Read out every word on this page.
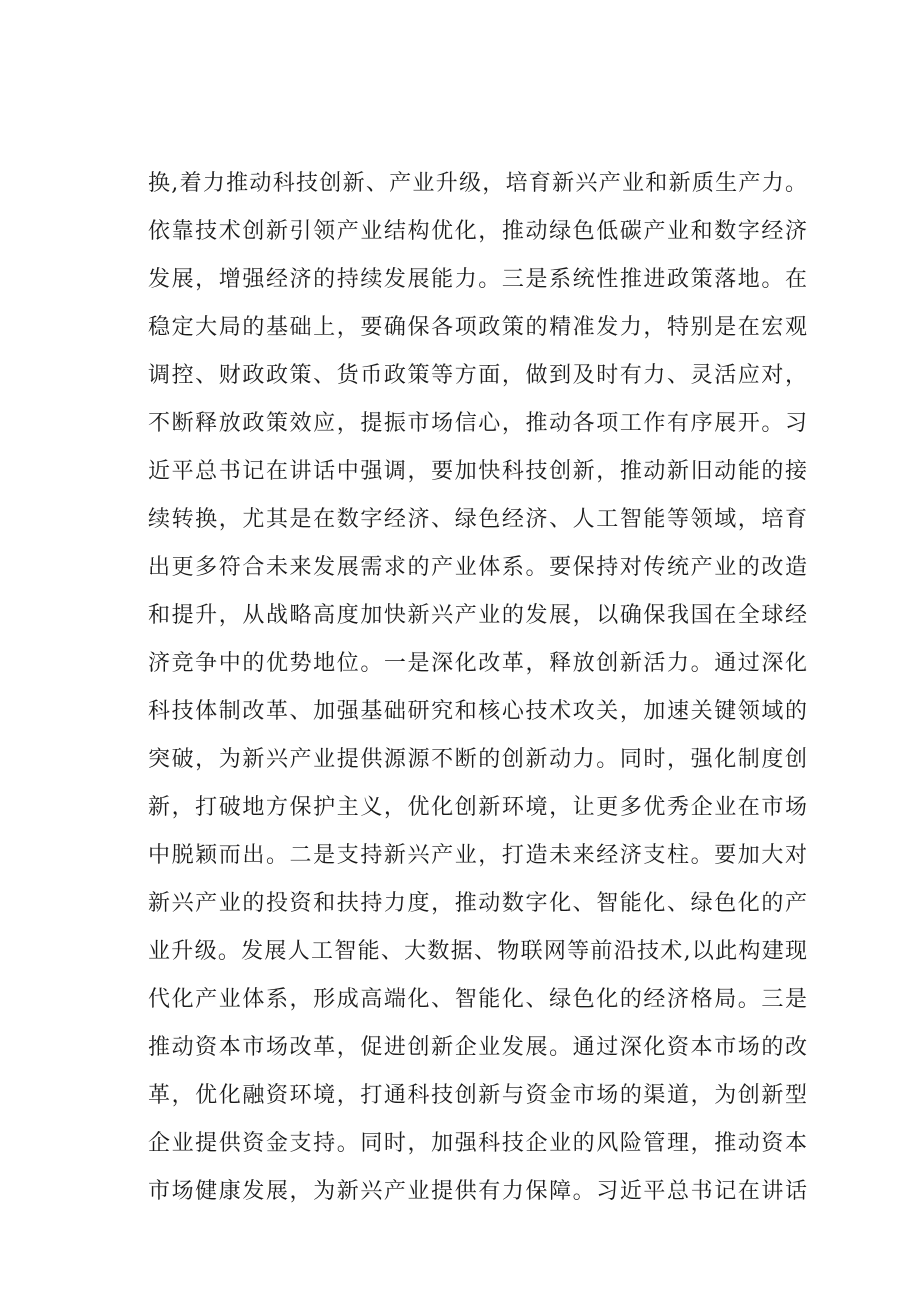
换,着力推动科技创新、产业升级，培育新兴产业和新质生产力。
依靠技术创新引领产业结构优化，推动绿色低碳产业和数字经济
发展，增强经济的持续发展能力。三是系统性推进政策落地。在
稳定大局的基础上，要确保各项政策的精准发力，特别是在宏观
调控、财政政策、货币政策等方面，做到及时有力、灵活应对，
不断释放政策效应，提振市场信心，推动各项工作有序展开。习
近平总书记在讲话中强调，要加快科技创新，推动新旧动能的接
续转换，尤其是在数字经济、绿色经济、人工智能等领域，培育
出更多符合未来发展需求的产业体系。要保持对传统产业的改造
和提升，从战略高度加快新兴产业的发展，以确保我国在全球经
济竞争中的优势地位。一是深化改革，释放创新活力。通过深化
科技体制改革、加强基础研究和核心技术攻关，加速关键领域的
突破，为新兴产业提供源源不断的创新动力。同时，强化制度创
新，打破地方保护主义，优化创新环境，让更多优秀企业在市场
中脱颖而出。二是支持新兴产业，打造未来经济支柱。要加大对
新兴产业的投资和扶持力度，推动数字化、智能化、绿色化的产
业升级。发展人工智能、大数据、物联网等前沿技术,以此构建现
代化产业体系，形成高端化、智能化、绿色化的经济格局。三是
推动资本市场改革，促进创新企业发展。通过深化资本市场的改
革，优化融资环境，打通科技创新与资金市场的渠道，为创新型
企业提供资金支持。同时，加强科技企业的风险管理，推动资本
市场健康发展，为新兴产业提供有力保障。习近平总书记在讲话
